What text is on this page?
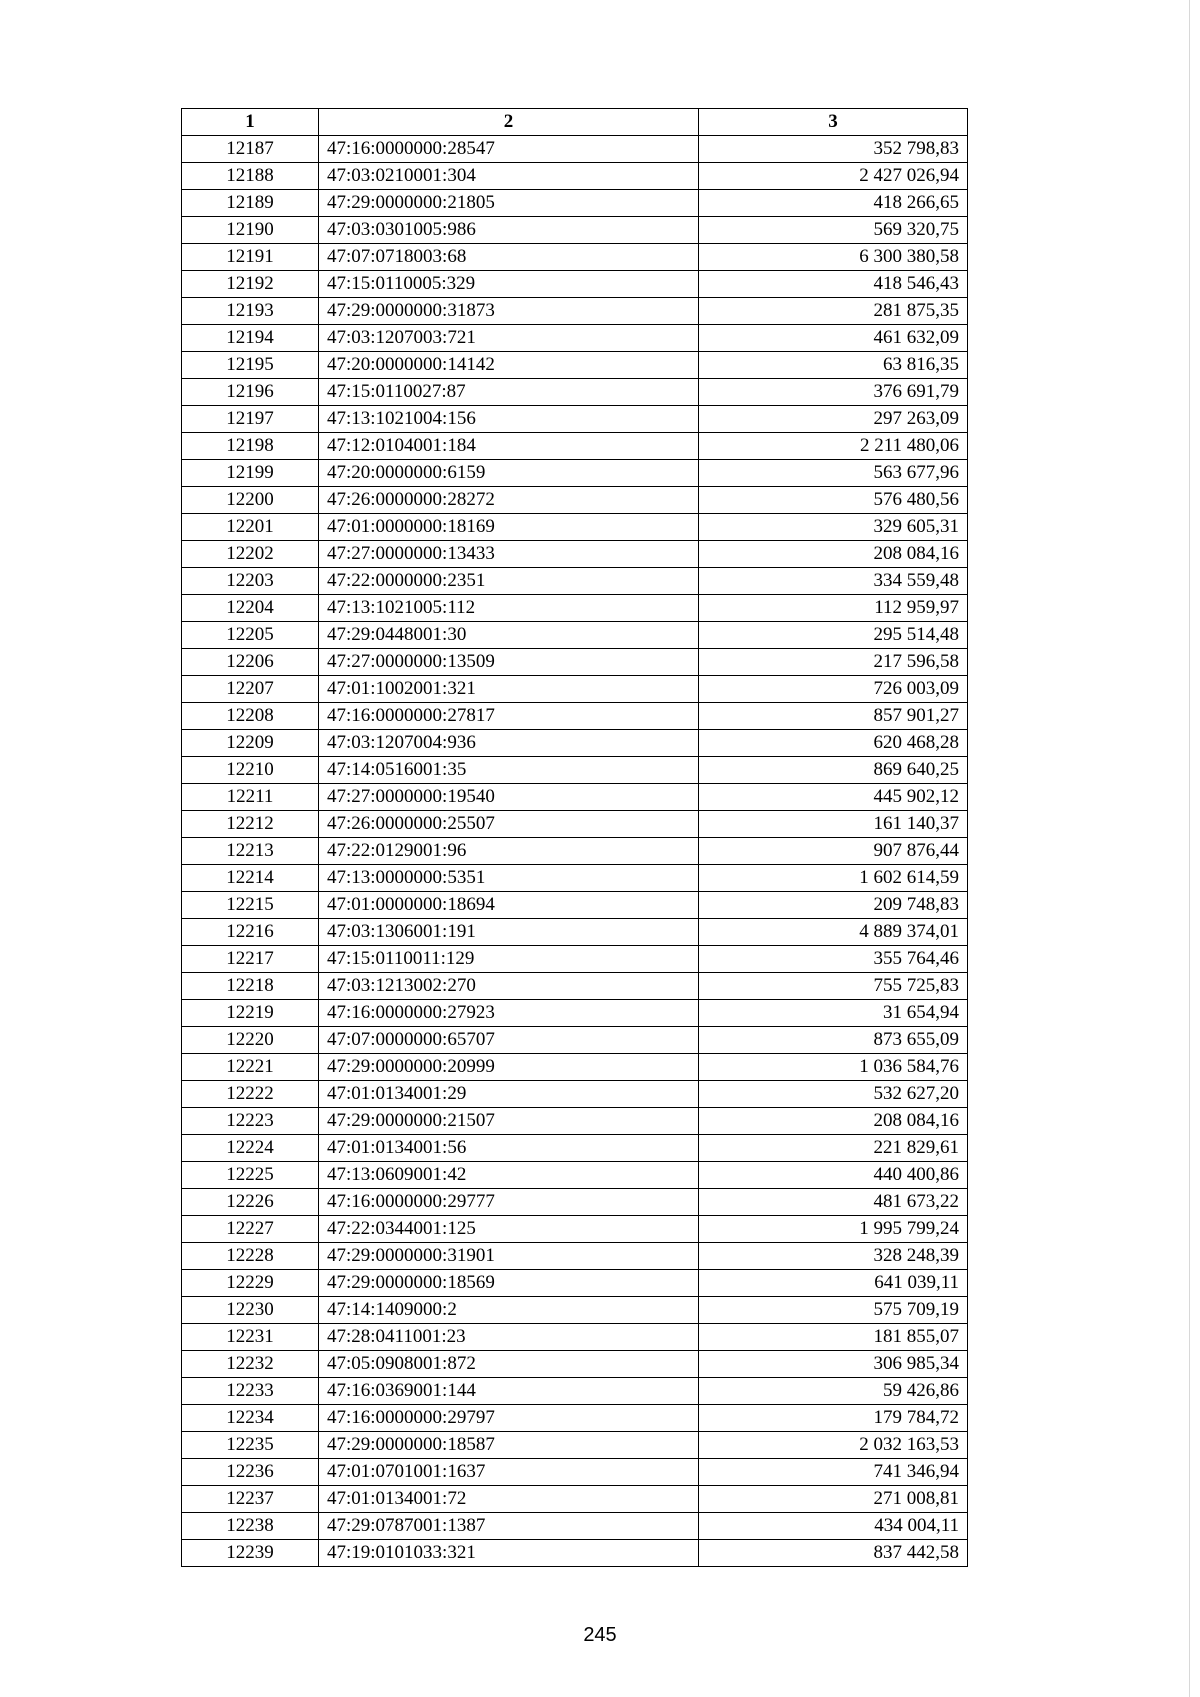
1	2	3
12187	47:16:0000000:28547	352 798,83
12188	47:03:0210001:304	2 427 026,94
12189	47:29:0000000:21805	418 266,65
12190	47:03:0301005:986	569 320,75
12191	47:07:0718003:68	6 300 380,58
12192	47:15:0110005:329	418 546,43
12193	47:29:0000000:31873	281 875,35
12194	47:03:1207003:721	461 632,09
12195	47:20:0000000:14142	63 816,35
12196	47:15:0110027:87	376 691,79
12197	47:13:1021004:156	297 263,09
12198	47:12:0104001:184	2 211 480,06
12199	47:20:0000000:6159	563 677,96
12200	47:26:0000000:28272	576 480,56
12201	47:01:0000000:18169	329 605,31
12202	47:27:0000000:13433	208 084,16
12203	47:22:0000000:2351	334 559,48
12204	47:13:1021005:112	112 959,97
12205	47:29:0448001:30	295 514,48
12206	47:27:0000000:13509	217 596,58
12207	47:01:1002001:321	726 003,09
12208	47:16:0000000:27817	857 901,27
12209	47:03:1207004:936	620 468,28
12210	47:14:0516001:35	869 640,25
12211	47:27:0000000:19540	445 902,12
12212	47:26:0000000:25507	161 140,37
12213	47:22:0129001:96	907 876,44
12214	47:13:0000000:5351	1 602 614,59
12215	47:01:0000000:18694	209 748,83
12216	47:03:1306001:191	4 889 374,01
12217	47:15:0110011:129	355 764,46
12218	47:03:1213002:270	755 725,83
12219	47:16:0000000:27923	31 654,94
12220	47:07:0000000:65707	873 655,09
12221	47:29:0000000:20999	1 036 584,76
12222	47:01:0134001:29	532 627,20
12223	47:29:0000000:21507	208 084,16
12224	47:01:0134001:56	221 829,61
12225	47:13:0609001:42	440 400,86
12226	47:16:0000000:29777	481 673,22
12227	47:22:0344001:125	1 995 799,24
12228	47:29:0000000:31901	328 248,39
12229	47:29:0000000:18569	641 039,11
12230	47:14:1409000:2	575 709,19
12231	47:28:0411001:23	181 855,07
12232	47:05:0908001:872	306 985,34
12233	47:16:0369001:144	59 426,86
12234	47:16:0000000:29797	179 784,72
12235	47:29:0000000:18587	2 032 163,53
12236	47:01:0701001:1637	741 346,94
12237	47:01:0134001:72	271 008,81
12238	47:29:0787001:1387	434 004,11
12239	47:19:0101033:321	837 442,58
245
